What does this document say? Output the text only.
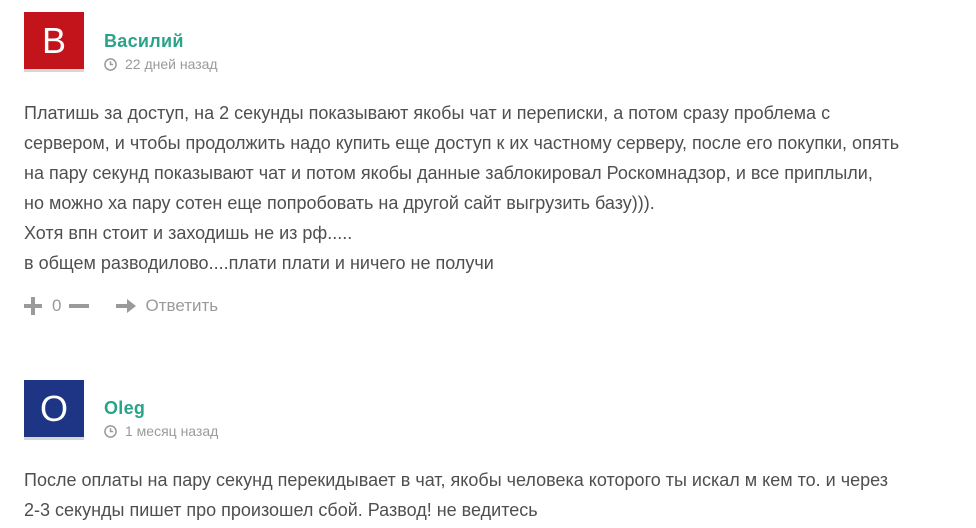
B	Василий
22 дней назад

Платишь за доступ, на 2 секунды показывают якобы чат и переписки, а потом сразу проблема с

сервером, и чтобы продолжить надо купить еще доступ к их частному серверу, после его покупки, опять

на пару секунд показывают чат и потом якобы данные заблокировал Роскомнадзор, и все приплыли,

но можно ха пару сотен еще попробовать на другой сайт выгрузить базу))).

Хотя впн стоит и заходишь не из рф.....

в общем разводилово....плати плати и ничего не получи

0	Ответить
O	Oleg
1 месяц назад

После оплаты на пару секунд перекидывает в чат, якобы человека которого ты искал м кем то. и через

2-3 секунды пишет про произошел сбой. Развод! не ведитесь
